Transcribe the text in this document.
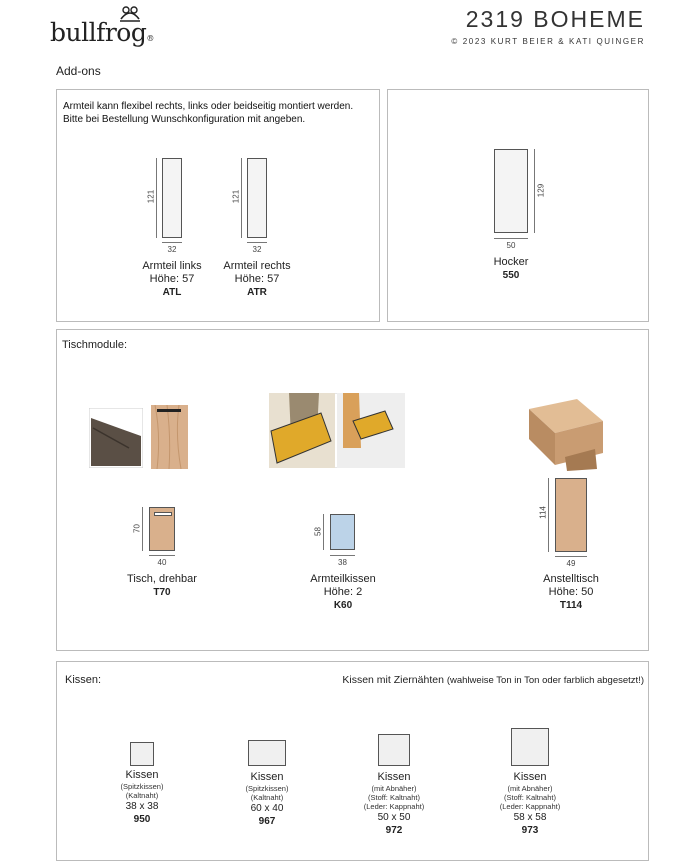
bullfrog®
2319 BOHEME
© 2023 KURT BEIER & KATI QUINGER
Add-ons
Armteil kann flexibel rechts, links oder beidseitig montiert werden.
Bitte bei Bestellung Wunschkonfiguration mit angeben.
121
32
Armteil links
Höhe: 57
ATL
121
32
Armteil rechts
Höhe: 57
ATR
129
50
Hocker
550
Tischmodule:
70
40
Tisch, drehbar
T70
58
38
Armteilkissen
Höhe: 2
K60
114
49
Anstelltisch
Höhe: 50
T114
Kissen:	Kissen mit Ziernähten (wahlweise Ton in Ton oder farblich abgesetzt!)
Kissen
(Spitzkissen)
(Kaltnaht)
38 x 38
950
Kissen
(Spitzkissen)
(Kaltnaht)
60 x 40
967
Kissen
(mit Abnäher)
(Stoff: Kaltnaht)
(Leder: Kappnaht)
50 x 50
972
Kissen
(mit Abnäher)
(Stoff: Kaltnaht)
(Leder: Kappnaht)
58 x 58
973
